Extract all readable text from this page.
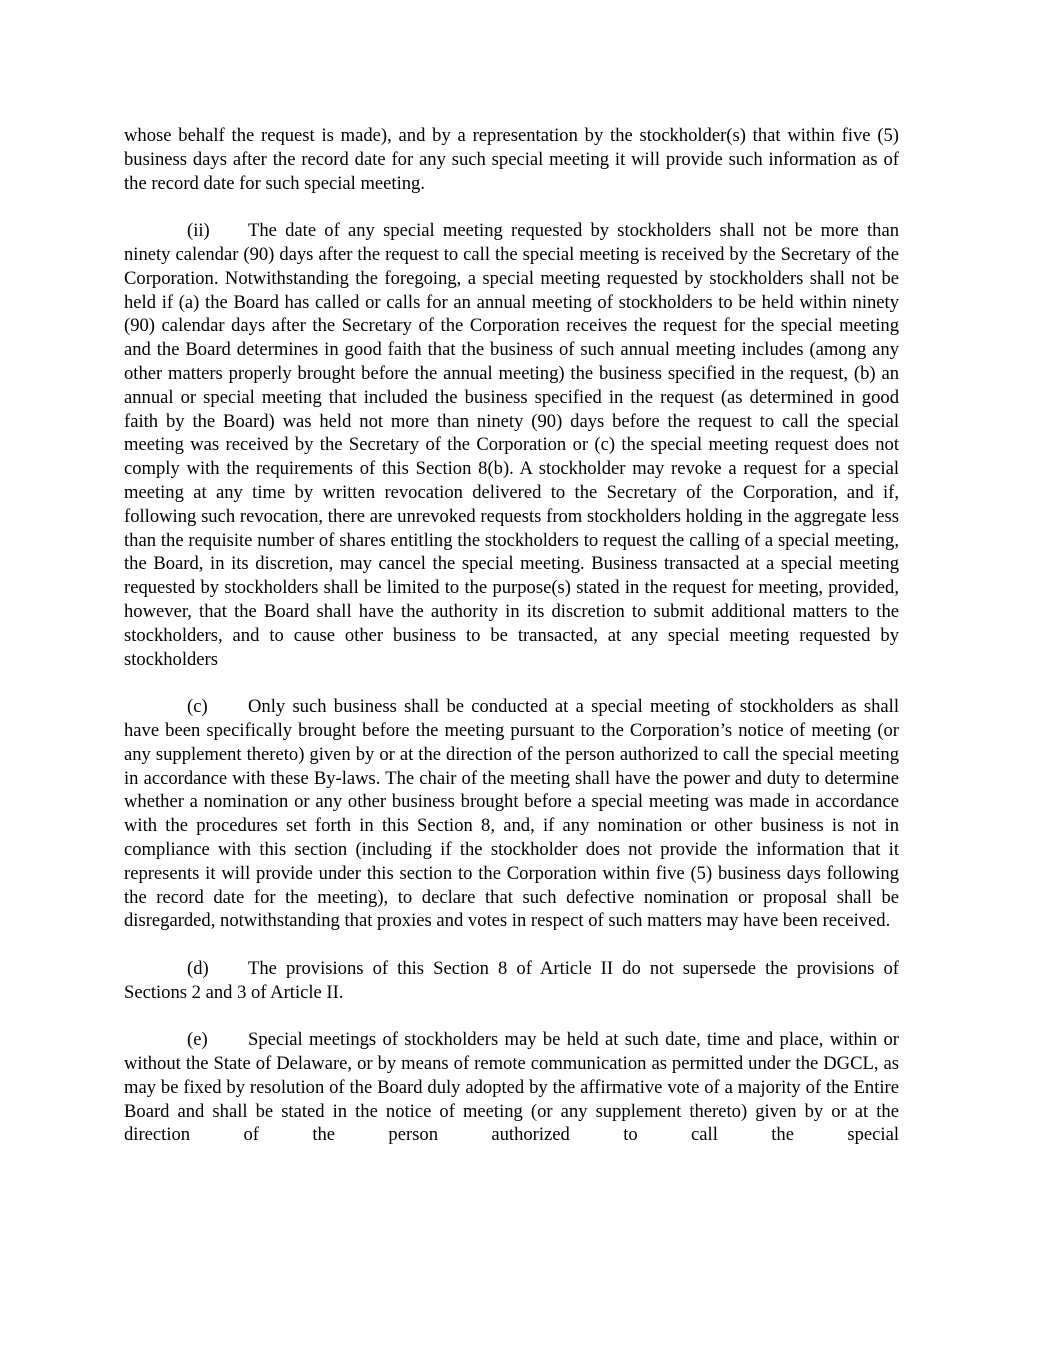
whose behalf the request is made), and by a representation by the stockholder(s) that within five (5) business days after the record date for any such special meeting it will provide such information as of the record date for such special meeting.

(ii) The date of any special meeting requested by stockholders shall not be more than ninety calendar (90) days after the request to call the special meeting is received by the Secretary of the Corporation. Notwithstanding the foregoing, a special meeting requested by stockholders shall not be held if (a) the Board has called or calls for an annual meeting of stockholders to be held within ninety (90) calendar days after the Secretary of the Corporation receives the request for the special meeting and the Board determines in good faith that the business of such annual meeting includes (among any other matters properly brought before the annual meeting) the business specified in the request, (b) an annual or special meeting that included the business specified in the request (as determined in good faith by the Board) was held not more than ninety (90) days before the request to call the special meeting was received by the Secretary of the Corporation or (c) the special meeting request does not comply with the requirements of this Section 8(b). A stockholder may revoke a request for a special meeting at any time by written revocation delivered to the Secretary of the Corporation, and if, following such revocation, there are unrevoked requests from stockholders holding in the aggregate less than the requisite number of shares entitling the stockholders to request the calling of a special meeting, the Board, in its discretion, may cancel the special meeting. Business transacted at a special meeting requested by stockholders shall be limited to the purpose(s) stated in the request for meeting, provided, however, that the Board shall have the authority in its discretion to submit additional matters to the stockholders, and to cause other business to be transacted, at any special meeting requested by stockholders

(c) Only such business shall be conducted at a special meeting of stockholders as shall have been specifically brought before the meeting pursuant to the Corporation’s notice of meeting (or any supplement thereto) given by or at the direction of the person authorized to call the special meeting in accordance with these By-laws. The chair of the meeting shall have the power and duty to determine whether a nomination or any other business brought before a special meeting was made in accordance with the procedures set forth in this Section 8, and, if any nomination or other business is not in compliance with this section (including if the stockholder does not provide the information that it represents it will provide under this section to the Corporation within five (5) business days following the record date for the meeting), to declare that such defective nomination or proposal shall be disregarded, notwithstanding that proxies and votes in respect of such matters may have been received.

(d) The provisions of this Section 8 of Article II do not supersede the provisions of Sections 2 and 3 of Article II.

(e) Special meetings of stockholders may be held at such date, time and place, within or without the State of Delaware, or by means of remote communication as permitted under the DGCL, as may be fixed by resolution of the Board duly adopted by the affirmative vote of a majority of the Entire Board and shall be stated in the notice of meeting (or any supplement thereto) given by or at the direction of the person authorized to call the special
